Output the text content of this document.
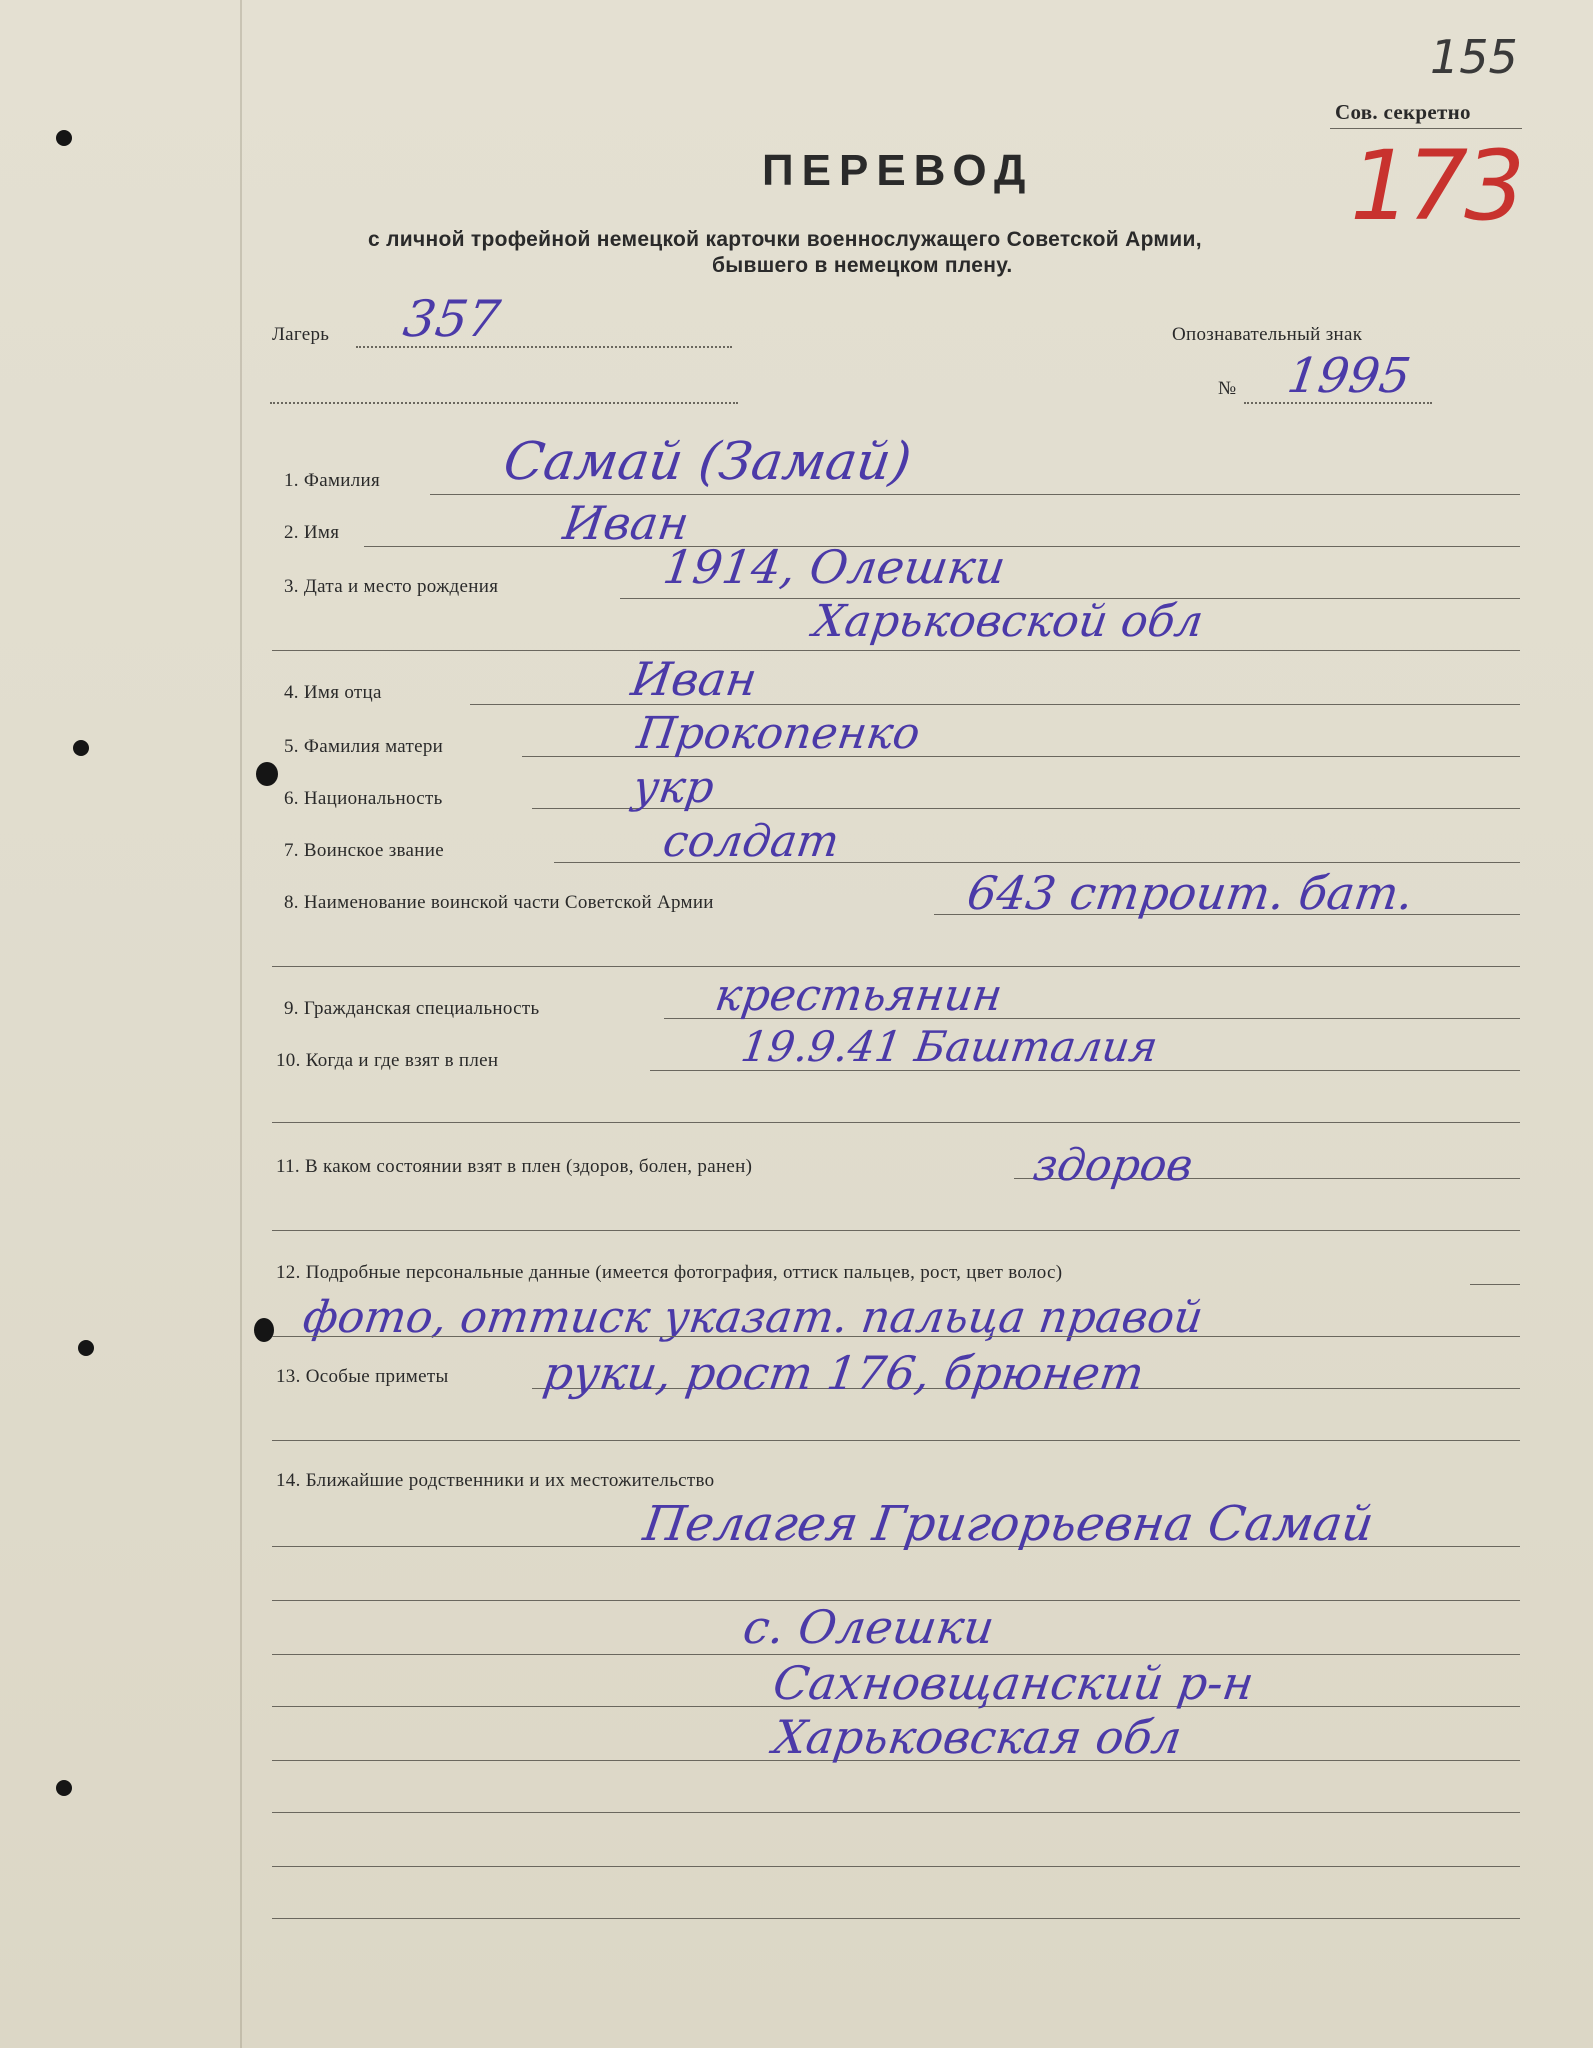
155
Сов. секретно
173
ПЕРЕВОД
с личной трофейной немецкой карточки военнослужащего Советской Армии,
бывшего в немецком плену.
Лагерь 357	Опознавательный знак
№ 1995
1. Фамилия Самай (Замай)
2. Имя	Иван
3. Дата и место рождения	1914, Олешки
Харьковской обл
4. Имя отца	Иван
5. Фамилия матери	Прокопенко
6. Национальность	укр
7. Воинское звание	солдат
8. Наименование воинской части Советской Армии	643 строит. бат.
9. Гражданская специальность	крестьянин
10. Когда и где взят в плен	19.9.41 Башталия
11. В каком состоянии взят в плен (здоров, болен, ранен)	здоров
12. Подробные персональные данные (имеется фотография, оттиск пальцев, рост, цвет волос)
фото, оттиск указат. пальца правой
13. Особые приметы руки, рост 176, брюнет
14. Ближайшие родственники и их местожительство
Пелагея Григорьевна Самай
с. Олешки
Сахновщанский р-н
Харьковская обл
